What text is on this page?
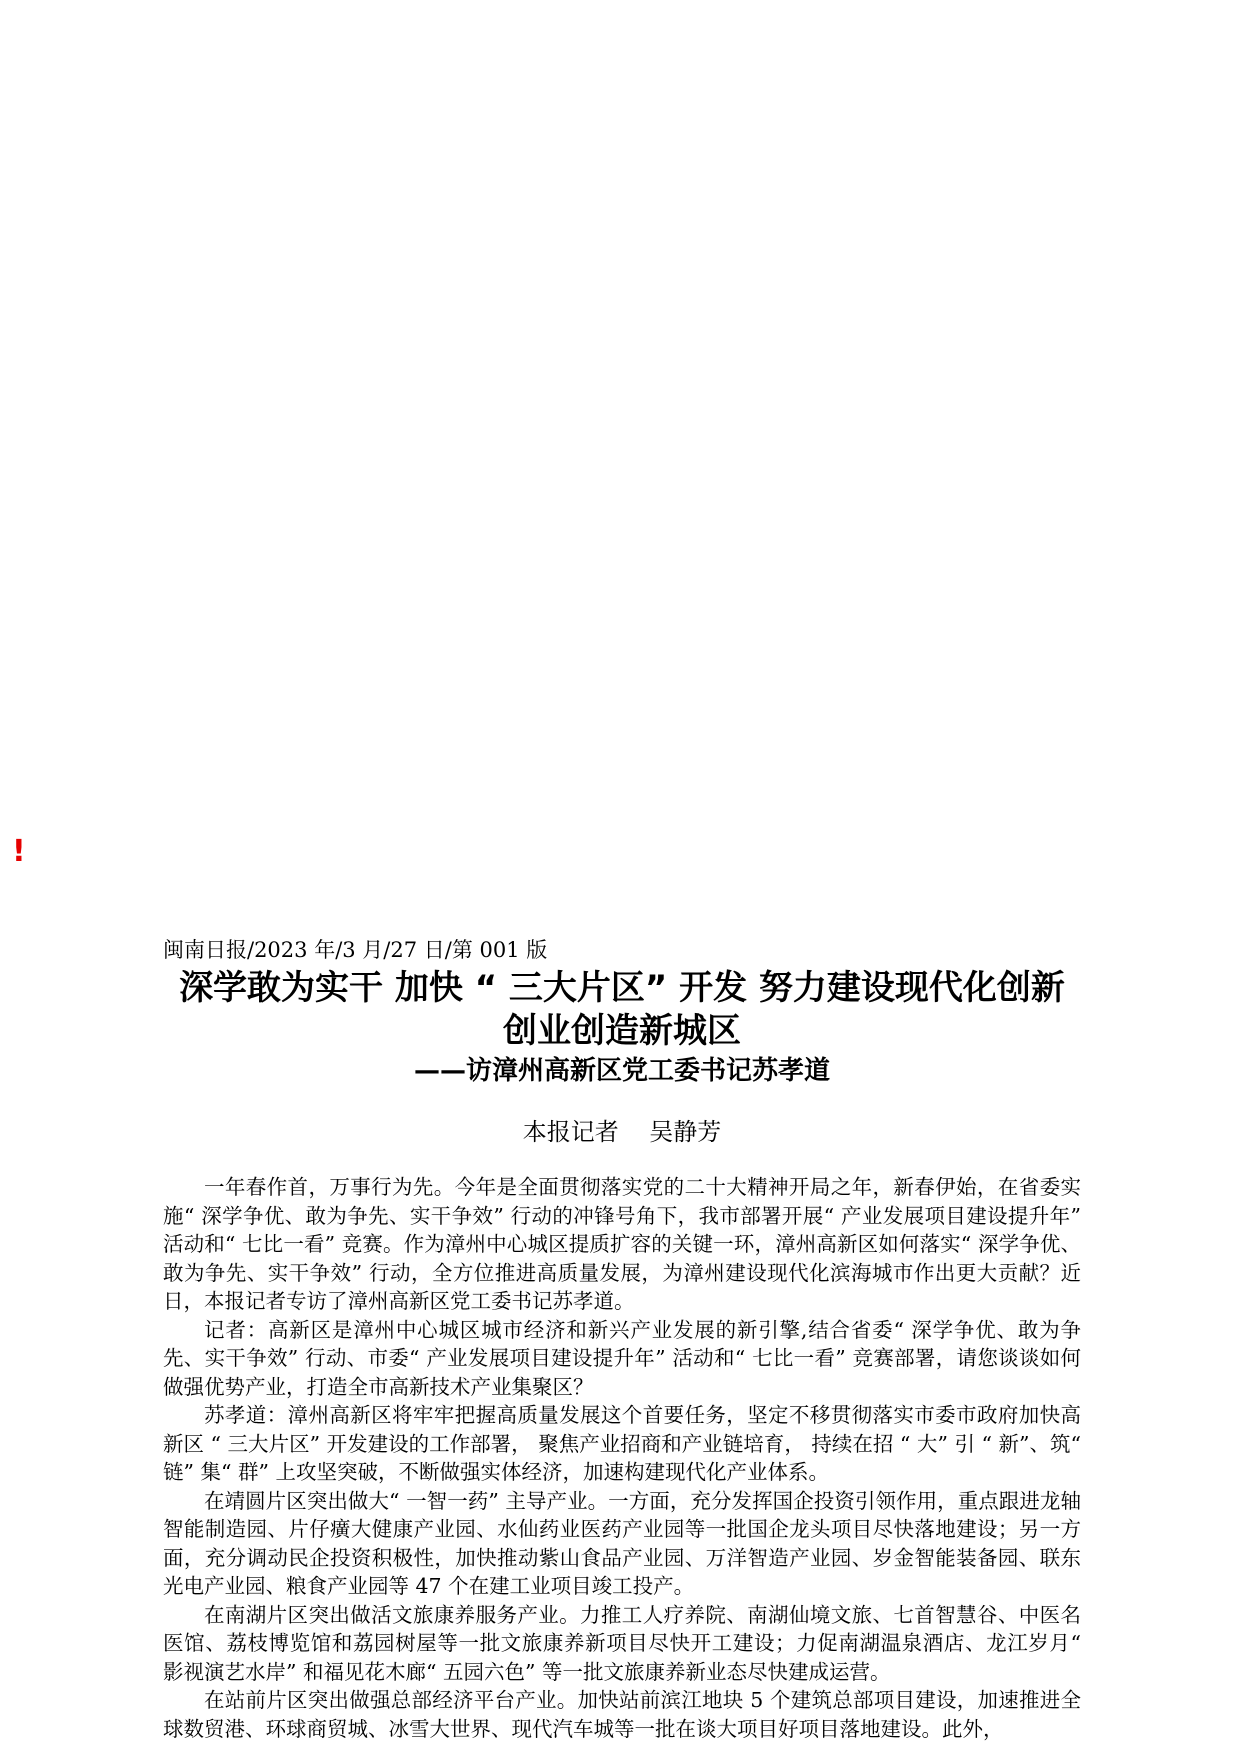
!
闽南日报/2023 年/3 月/27 日/第 001 版
深学敢为实干 加快 “ 三大片区” 开发 努力建设现代化创新创业创造新城区
——访漳州高新区党工委书记苏孝道
本报记者    吴静芳

一年春作首，万事行为先。今年是全面贯彻落实党的二十大精神开局之年，新春伊始，在省委实施“ 深学争优、敢为争先、实干争效” 行动的冲锋号角下，我市部署开展“ 产业发展项目建设提升年” 活动和“ 七比一看” 竞赛。作为漳州中心城区提质扩容的关键一环，漳州高新区如何落实“ 深学争优、敢为争先、实干争效” 行动，全方位推进高质量发展，为漳州建设现代化滨海城市作出更大贡献？近日，本报记者专访了漳州高新区党工委书记苏孝道。

记者：高新区是漳州中心城区城市经济和新兴产业发展的新引擎,结合省委“ 深学争优、敢为争先、实干争效” 行动、市委“ 产业发展项目建设提升年” 活动和“ 七比一看” 竞赛部署，请您谈谈如何做强优势产业，打造全市高新技术产业集聚区？

苏孝道：漳州高新区将牢牢把握高质量发展这个首要任务，坚定不移贯彻落实市委市政府加快高新区 “ 三大片区” 开发建设的工作部署， 聚焦产业招商和产业链培育， 持续在招 “ 大” 引 “ 新”、筑“ 链” 集“ 群” 上攻坚突破，不断做强实体经济，加速构建现代化产业体系。

在靖圆片区突出做大“ 一智一药” 主导产业。一方面，充分发挥国企投资引领作用，重点跟进龙轴智能制造园、片仔癀大健康产业园、水仙药业医药产业园等一批国企龙头项目尽快落地建设；另一方面，充分调动民企投资积极性，加快推动紫山食品产业园、万洋智造产业园、岁金智能装备园、联东光电产业园、粮食产业园等 47 个在建工业项目竣工投产。

在南湖片区突出做活文旅康养服务产业。力推工人疗养院、南湖仙境文旅、七首智慧谷、中医名医馆、荔枝博览馆和荔园树屋等一批文旅康养新项目尽快开工建设；力促南湖温泉酒店、龙江岁月“ 影视演艺水岸” 和福见花木廊“ 五园六色” 等一批文旅康养新业态尽快建成运营。

在站前片区突出做强总部经济平台产业。加快站前滨江地块 5 个建筑总部项目建设，加速推进全球数贸港、环球商贸城、冰雪大世界、现代汽车城等一批在谈大项目好项目落地建设。此外，
